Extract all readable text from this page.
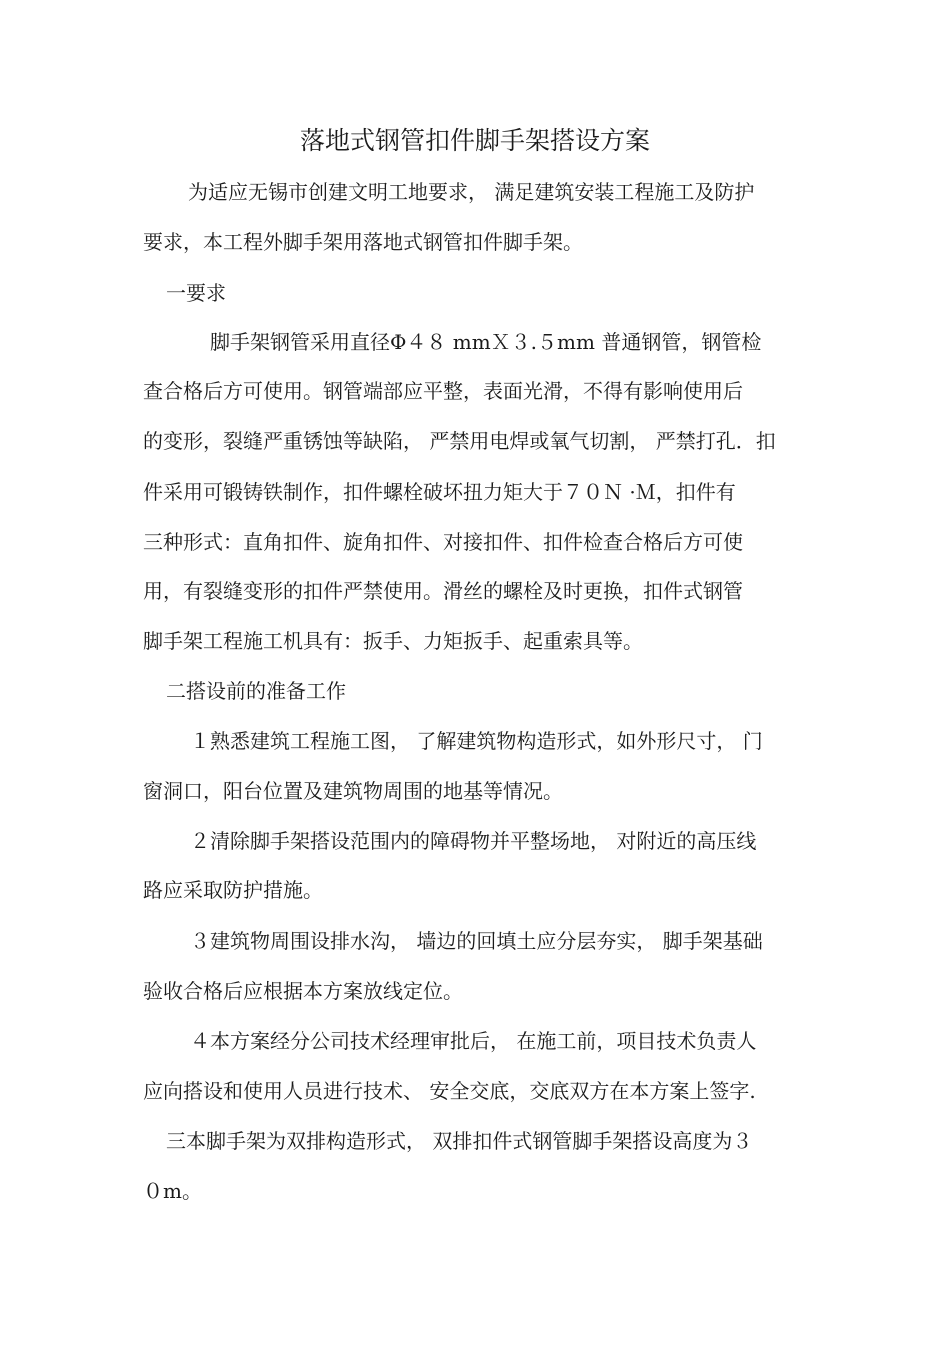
落地式钢管扣件脚手架搭设方案
为适应无锡市创建文明工地要求， 满足建筑安装工程施工及防护
要求，本工程外脚手架用落地式钢管扣件脚手架。
一要求
脚手架钢管采用直径Φ４８ mmＸ３.５mm 普通钢管，钢管检
查合格后方可使用。钢管端部应平整，表面光滑，不得有影响使用后
的变形，裂缝严重锈蚀等缺陷， 严禁用电焊或氧气切割， 严禁打孔．扣
件采用可锻铸铁制作，扣件螺栓破坏扭力矩大于７０Ｎ ·Ｍ，扣件有
三种形式：直角扣件、旋角扣件、对接扣件、扣件检查合格后方可使
用，有裂缝变形的扣件严禁使用。滑丝的螺栓及时更换，扣件式钢管
脚手架工程施工机具有：扳手、力矩扳手、起重索具等。
二搭设前的准备工作
１熟悉建筑工程施工图， 了解建筑物构造形式，如外形尺寸， 门
窗洞口，阳台位置及建筑物周围的地基等情况。
２清除脚手架搭设范围内的障碍物并平整场地， 对附近的高压线
路应采取防护措施。
３建筑物周围设排水沟， 墙边的回填土应分层夯实， 脚手架基础
验收合格后应根据本方案放线定位。
４本方案经分公司技术经理审批后， 在施工前，项目技术负责人
应向搭设和使用人员进行技术、 安全交底，交底双方在本方案上签字.
三本脚手架为双排构造形式， 双排扣件式钢管脚手架搭设高度为３
０m。
